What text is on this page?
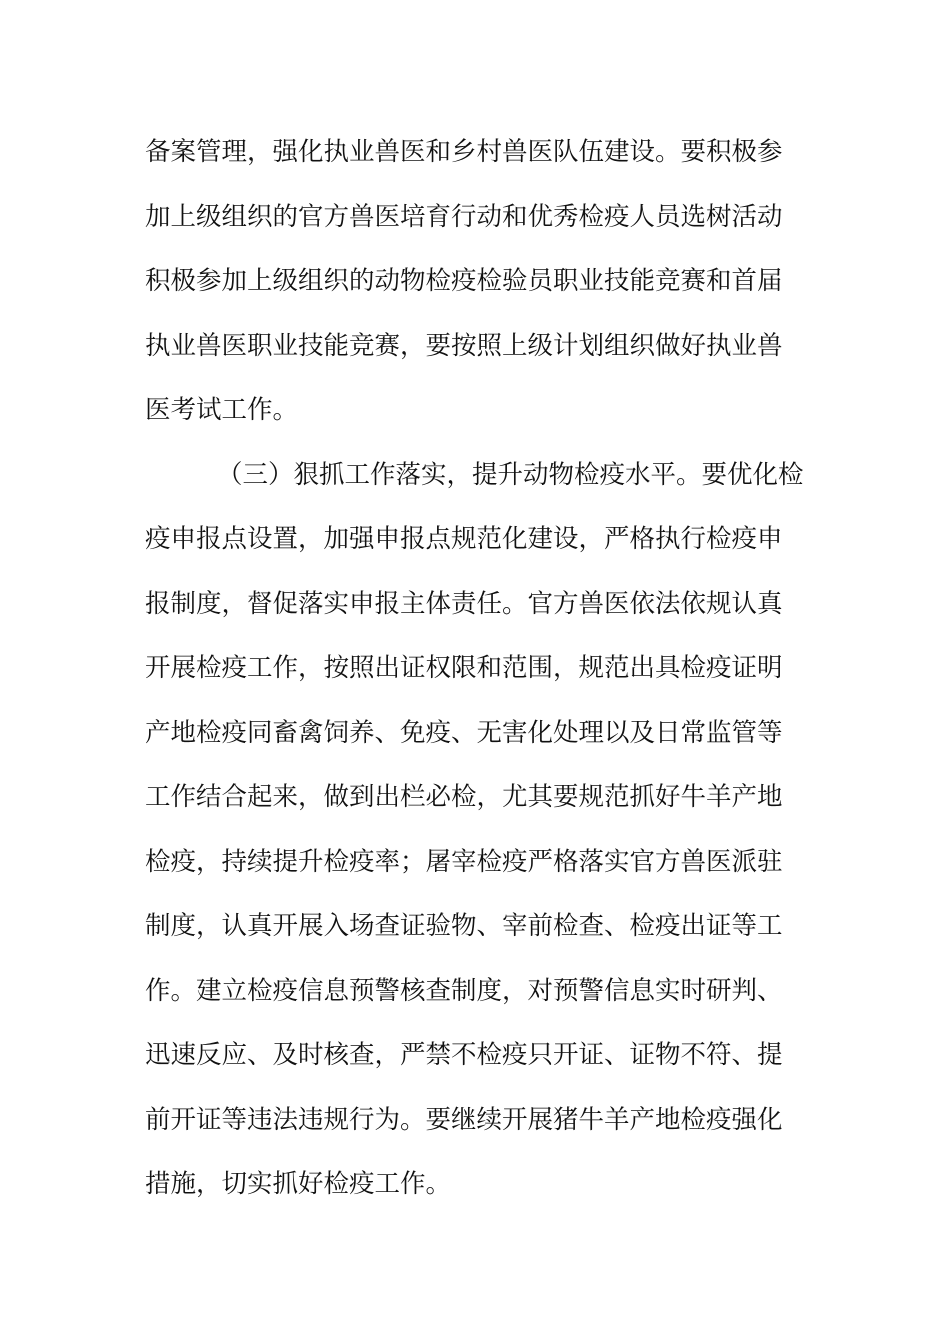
备案管理，强化执业兽医和乡村兽医队伍建设。要积极参
加上级组织的官方兽医培育行动和优秀检疫人员选树活动
积极参加上级组织的动物检疫检验员职业技能竞赛和首届
执业兽医职业技能竞赛，要按照上级计划组织做好执业兽
医考试工作。
（三）狠抓工作落实，提升动物检疫水平。要优化检
疫申报点设置，加强申报点规范化建设，严格执行检疫申
报制度，督促落实申报主体责任。官方兽医依法依规认真
开展检疫工作，按照出证权限和范围，规范出具检疫证明
产地检疫同畜禽饲养、免疫、无害化处理以及日常监管等
工作结合起来，做到出栏必检，尤其要规范抓好牛羊产地
检疫，持续提升检疫率；屠宰检疫严格落实官方兽医派驻
制度，认真开展入场查证验物、宰前检查、检疫出证等工
作。建立检疫信息预警核查制度，对预警信息实时研判、
迅速反应、及时核查，严禁不检疫只开证、证物不符、提
前开证等违法违规行为。要继续开展猪牛羊产地检疫强化
措施，切实抓好检疫工作。
